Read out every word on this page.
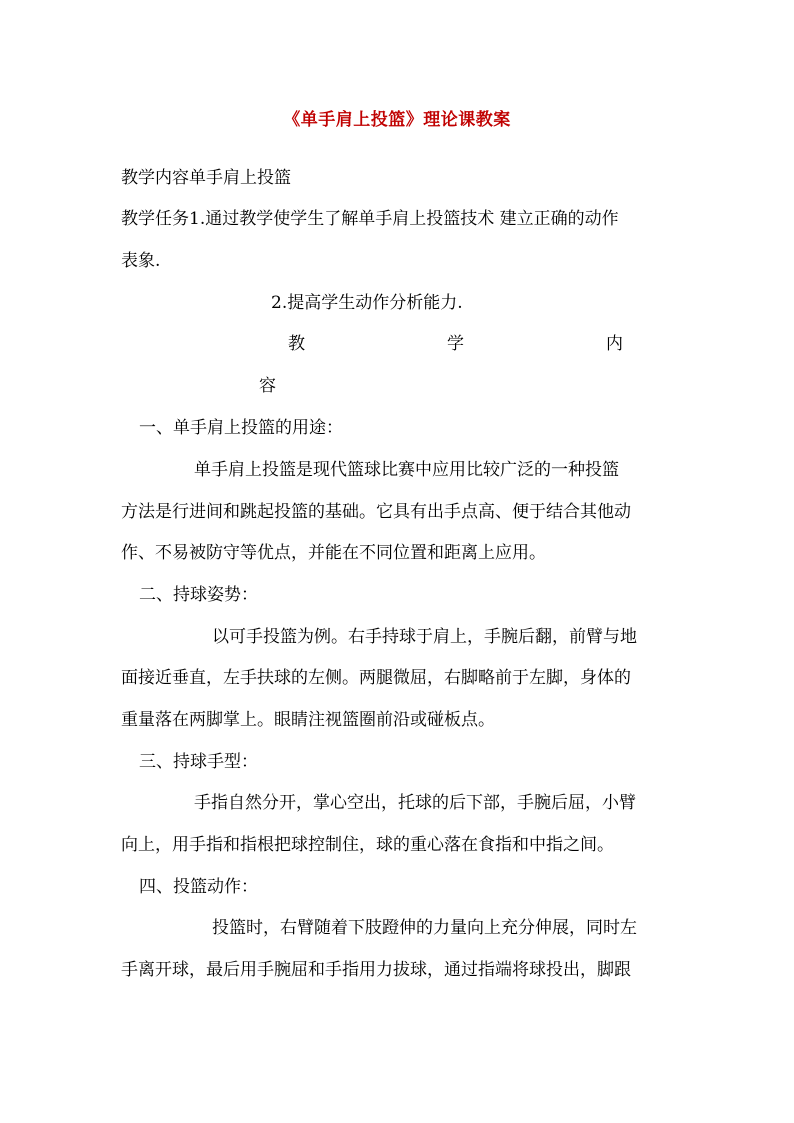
《单手肩上投篮》理论课教案
教学内容单手肩上投篮
教学任务1.通过教学使学生了解单手肩上投篮技术 建立正确的动作
表象.
2.提高学生动作分析能力.
教	学	内
容
一、单手肩上投篮的用途：
单手肩上投篮是现代篮球比赛中应用比较广泛的一种投篮
方法是行进间和跳起投篮的基础。它具有出手点高、便于结合其他动
作、不易被防守等优点，并能在不同位置和距离上应用。
二、持球姿势：
以可手投篮为例。右手持球于肩上，手腕后翻，前臂与地
面接近垂直，左手扶球的左侧。两腿微屈，右脚略前于左脚，身体的
重量落在两脚掌上。眼睛注视篮圈前沿或碰板点。
三、持球手型：
手指自然分开，掌心空出，托球的后下部，手腕后屈，小臂
向上，用手指和指根把球控制住，球的重心落在食指和中指之间。
四、投篮动作：
投篮时，右臂随着下肢蹬伸的力量向上充分伸展，同时左
手离开球，最后用手腕屈和手指用力拔球，通过指端将球投出，脚跟
